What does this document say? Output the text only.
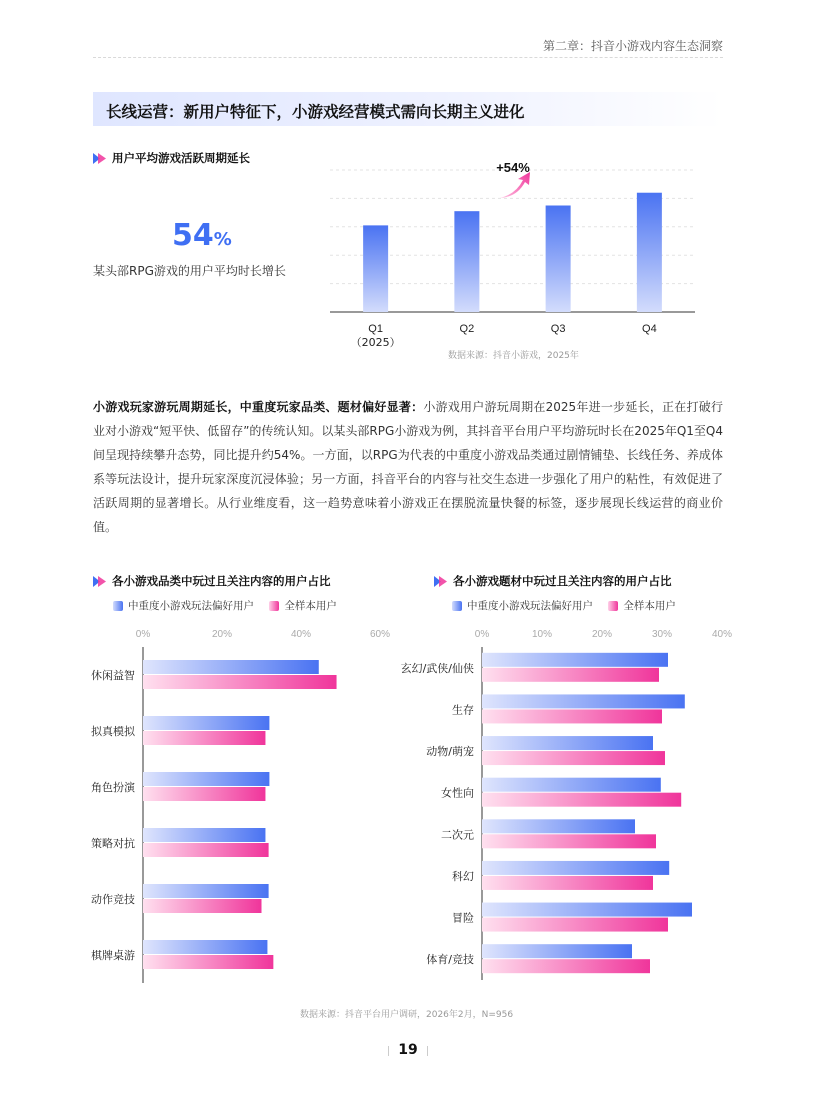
第二章：抖音小游戏内容生态洞察
长线运营：新用户特征下，小游戏经营模式需向长期主义进化
用户平均游戏活跃周期延长
54%
某头部RPG游戏的用户平均时长增长
Q1
（2025）
Q2	Q3	Q4
+54%
数据来源：抖音小游戏，2025年
小游戏玩家游玩周期延长，中重度玩家品类、题材偏好显著：小游戏用户游玩周期在2025年进一步延长，正在打破行业对小游戏“短平快、低留存”的传统认知。以某头部RPG小游戏为例，其抖音平台用户平均游玩时长在2025年Q1至Q4间呈现持续攀升态势，同比提升约54%。一方面，以RPG为代表的中重度小游戏品类通过剧情铺垫、长线任务、养成体系等玩法设计，提升玩家深度沉浸体验；另一方面，抖音平台的内容与社交生态进一步强化了用户的粘性，有效促进了活跃周期的显著增长。从行业维度看，这一趋势意味着小游戏正在摆脱流量快餐的标签，逐步展现长线运营的商业价值。
各小游戏品类中玩过且关注内容的用户占比
中重度小游戏玩法偏好用户	全样本用户
0%	20%	40%	60%
休闲益智
拟真模拟
角色扮演
策略对抗
动作竞技
棋牌桌游
各小游戏题材中玩过且关注内容的用户占比
中重度小游戏玩法偏好用户	全样本用户
0%	10%	20%	30%	40%
玄幻/武侠/仙侠
生存
动物/萌宠
女性向
二次元
科幻
冒险
体育/竞技
数据来源：抖音平台用户调研，2026年2月，N=956
19
